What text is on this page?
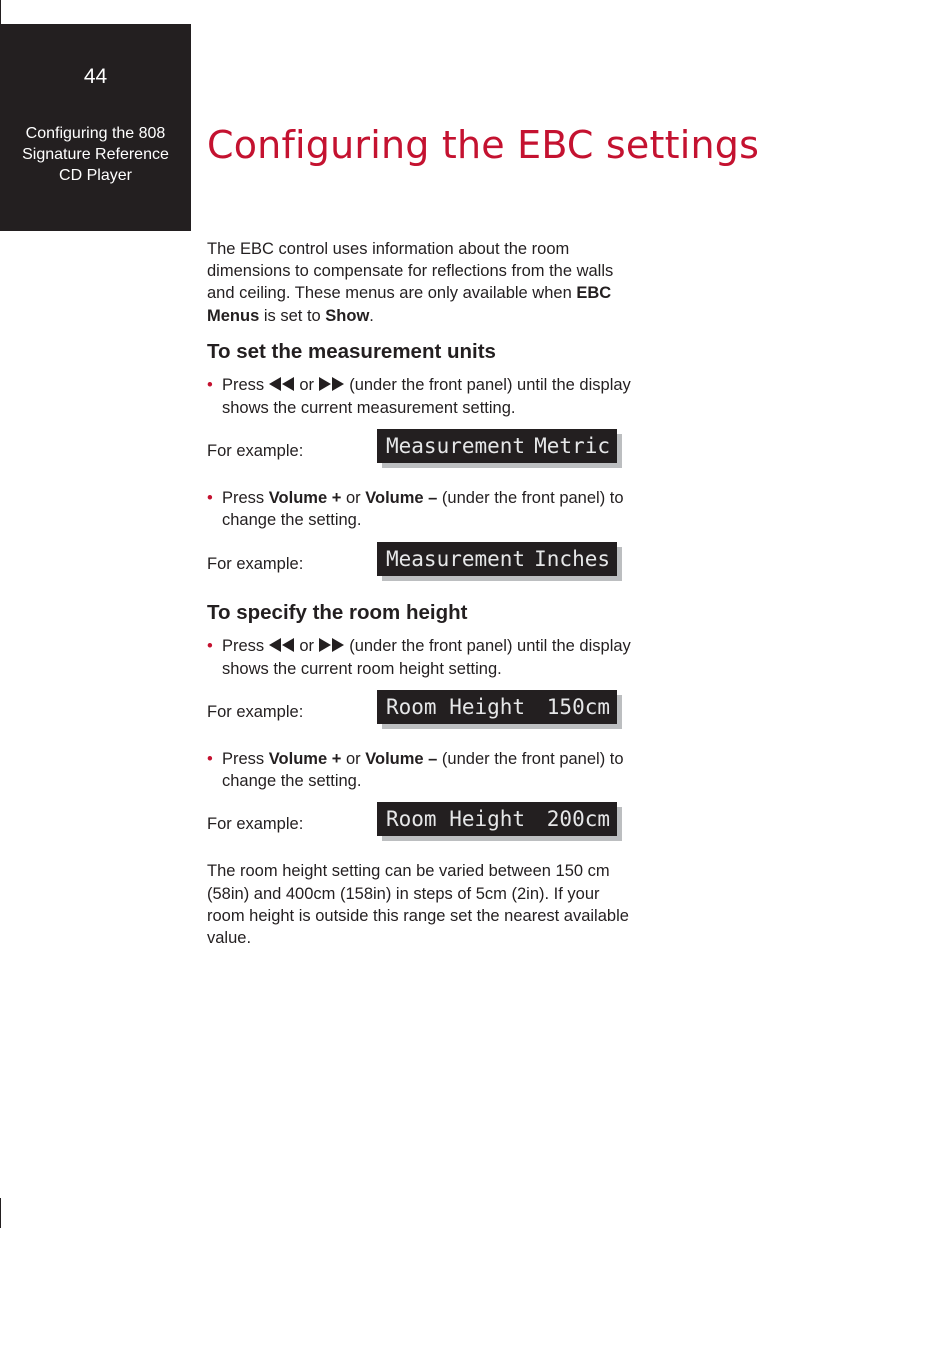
44
Configuring the 808
Signature Reference
CD Player
Configuring the EBC settings

The EBC control uses information about the room dimensions to compensate for reflections from the walls and ceiling. These menus are only available when EBC Menus is set to Show.

To set the measurement units

• Press  or  (under the front panel) until the display shows the current measurement setting.

For example:	Measurement Metric

• Press Volume + or Volume – (under the front panel) to change the setting.

For example:	Measurement Inches
To specify the room height

• Press  or  (under the front panel) until the display shows the current room height setting.

For example:	Room Height 150cm

• Press Volume + or Volume – (under the front panel) to change the setting.

For example:	Room Height 200cm

The room height setting can be varied between 150 cm (58in) and 400cm (158in) in steps of 5cm (2in). If your room height is outside this range set the nearest available value.
